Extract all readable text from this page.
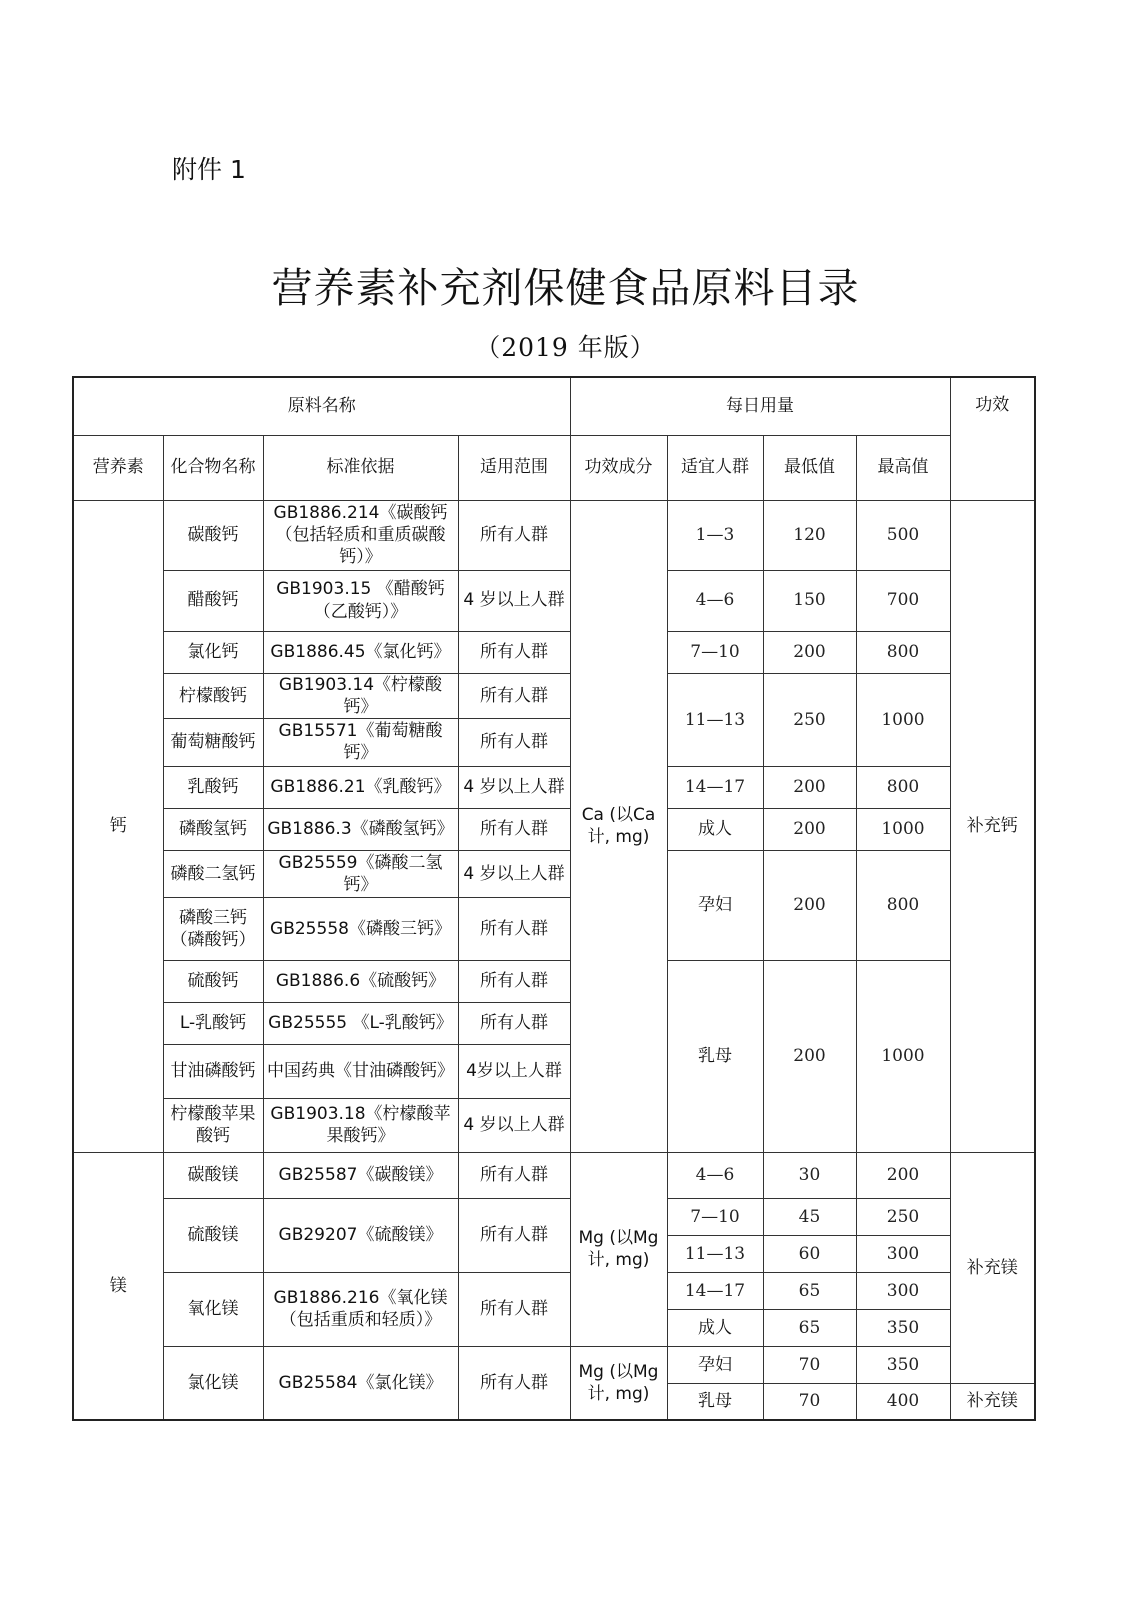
附件 1
营养素补充剂保健食品原料目录
（2019 年版）
原料名称				每日用量				功效
营养素	化合物名称	标准依据	适用范围	功效成分	适宜人群	最低值	最高值	
钙	碳酸钙	GB1886.214《碳酸钙（包括轻质和重质碳酸钙）》	所有人群	Ca (以Ca计, mg)	1—3	120	500	补充钙
	醋酸钙	GB1903.15 《醋酸钙（乙酸钙）》	4 岁以上人群		4—6	150	700	
	氯化钙	GB1886.45《氯化钙》	所有人群		7—10	200	800	
	柠檬酸钙	GB1903.14《柠檬酸钙》	所有人群		11—13	250	1000	
	葡萄糖酸钙	GB15571《葡萄糖酸钙》	所有人群					
	乳酸钙	GB1886.21《乳酸钙》	4 岁以上人群		14—17	200	800	
	磷酸氢钙	GB1886.3《磷酸氢钙》	所有人群		成人	200	1000	
	磷酸二氢钙	GB25559《磷酸二氢钙》	4 岁以上人群		孕妇	200	800	
	磷酸三钙（磷酸钙）	GB25558《磷酸三钙》	所有人群					
	硫酸钙	GB1886.6《硫酸钙》	所有人群		乳母	200	1000	
	L-乳酸钙	GB25555 《L-乳酸钙》	所有人群					
	甘油磷酸钙	中国药典《甘油磷酸钙》	4岁以上人群					
	柠檬酸苹果酸钙	GB1903.18《柠檬酸苹果酸钙》	4 岁以上人群					
镁	碳酸镁	GB25587《碳酸镁》	所有人群	Mg (以Mg计, mg)	4—6	30	200	补充镁
	硫酸镁	GB29207《硫酸镁》	所有人群		7—10	45	250	
					11—13	60	300	
	氧化镁	GB1886.216《氧化镁（包括重质和轻质）》	所有人群		14—17	65	300	
					成人	65	350	
	氯化镁	GB25584《氯化镁》	所有人群	Mg (以Mg计, mg)	孕妇	70	350	
					乳母	70	400	补充镁
